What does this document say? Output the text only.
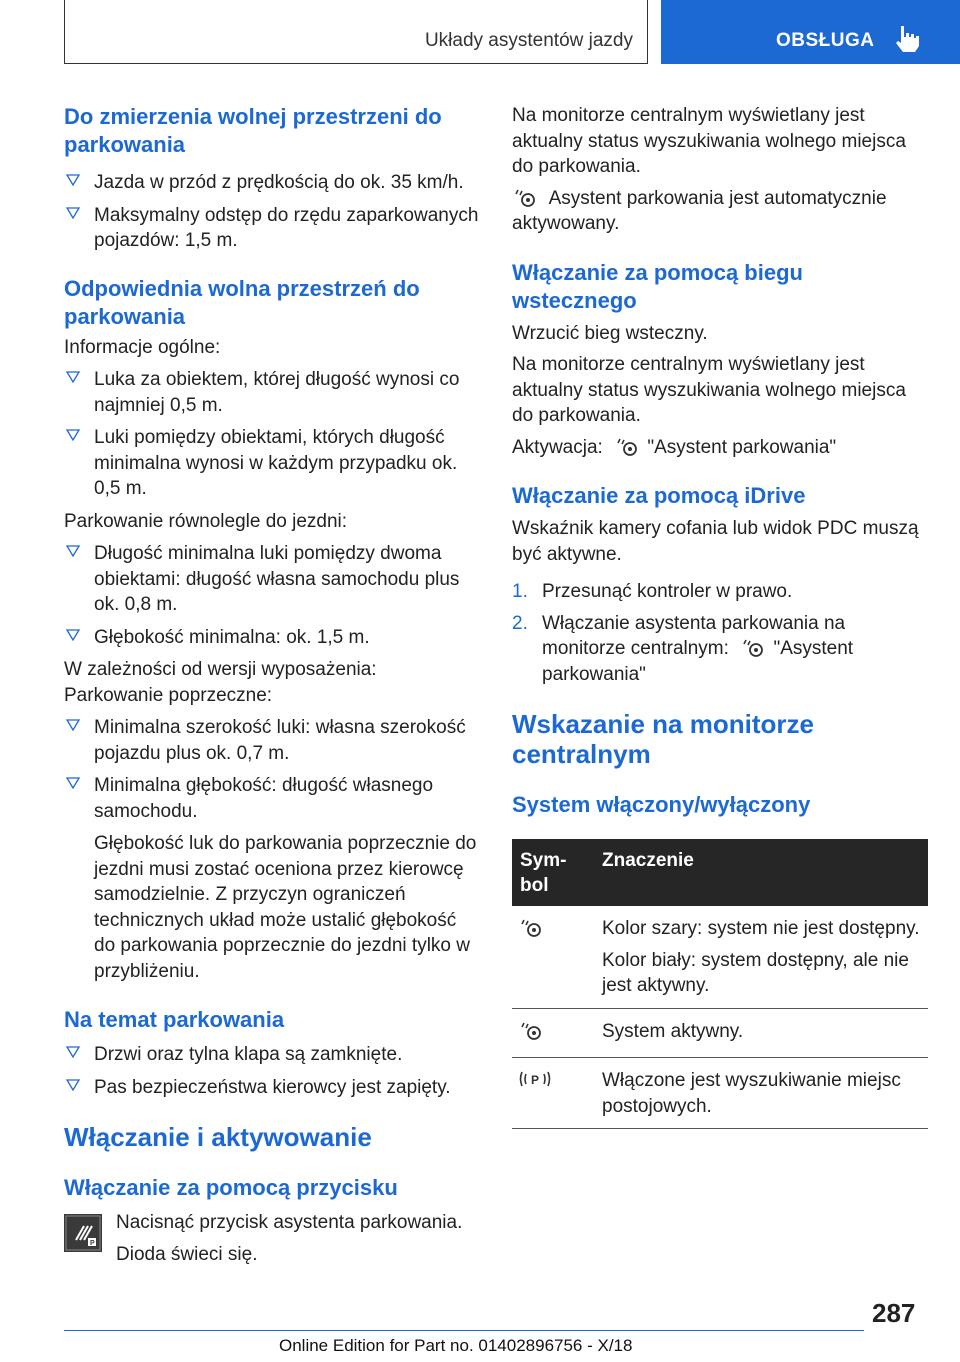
Układy asystentów jazdy	OBSŁUGA
Do zmierzenia wolnej przestrzeni do parkowania
Jazda w przód z prędkością do ok. 35 km/h.
Maksymalny odstęp do rzędu zaparkowanych pojazdów: 1,5 m.
Odpowiednia wolna przestrzeń do parkowania

Informacje ogólne:

Luka za obiektem, której długość wynosi co najmniej 0,5 m.
Luki pomiędzy obiektami, których długość minimalna wynosi w każdym przypadku ok. 0,5 m.

Parkowanie równolegle do jezdni:

Długość minimalna luki pomiędzy dwoma obiektami: długość własna samochodu plus ok. 0,8 m.
Głębokość minimalna: ok. 1,5 m.

W zależności od wersji wyposażenia: Parkowanie poprzeczne:

Minimalna szerokość luki: własna szerokość pojazdu plus ok. 0,7 m.
Minimalna głębokość: długość własnego samochodu.

Głębokość luk do parkowania poprzecznie do jezdni musi zostać oceniona przez kierowcę samodzielnie. Z przyczyn ograniczeń technicznych układ może ustalić głębokość do parkowania poprzecznie do jezdni tylko w przybliżeniu.

Na temat parkowania
Drzwi oraz tylna klapa są zamknięte.
Pas bezpieczeństwa kierowcy jest zapięty.
Włączanie i aktywowanie
Włączanie za pomocą przycisku
P

Nacisnąć przycisk asystenta parkowania.

Dioda świeci się.

Na monitorze centralnym wyświetlany jest aktualny status wyszukiwania wolnego miejsca do parkowania.

Asystent parkowania jest automatycznie aktywowany.

Włączanie za pomocą biegu wstecznego

Wrzucić bieg wsteczny.

Na monitorze centralnym wyświetlany jest aktualny status wyszukiwania wolnego miejsca do parkowania.

Aktywacja: "Asystent parkowania"

Włączanie za pomocą iDrive

Wskaźnik kamery cofania lub widok PDC muszą być aktywne.

1. Przesunąć kontroler w prawo.
2. Włączanie asystenta parkowania na monitorze centralnym: "Asystent parkowania"
Wskazanie na monitorze centralnym
System włączony/wyłączony
Sym-bol	Znaczenie

Kolor szary: system nie jest dostępny.
Kolor biały: system dostępny, ale nie jest aktywny.

	System aktywny.

P	Włączone jest wyszukiwanie miejsc postojowych.
287
Online Edition for Part no. 01402896756 - X/18
